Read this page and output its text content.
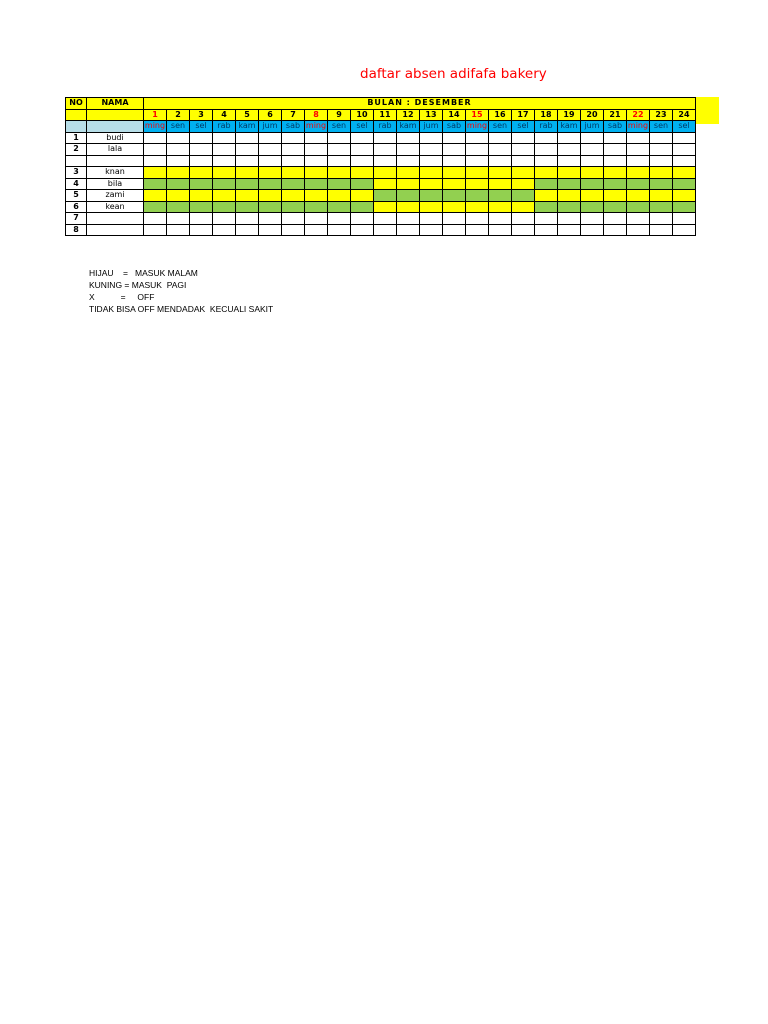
daftar absen adifafa bakery
NO	NAMA	BULAN : DESEMBER																							
		1	2	3	4	5	6	7	8	9	10	11	12	13	14	15	16	17	18	19	20	21	22	23	24
		ming	sen	sel	rab	kam	jum	sab	ming	sen	sel	rab	kam	jum	sab	ming	sen	sel	rab	kam	jum	sab	ming	sen	sel
1	budi																								
2	lala																								

3	knan																								
4	bila																								
5	zami																								
6	kean																								
7																									
8																									
HIJAU    =   MASUK MALAM
KUNING = MASUK  PAGI
X           =     OFF
TIDAK BISA OFF MENDADAK  KECUALI SAKIT
